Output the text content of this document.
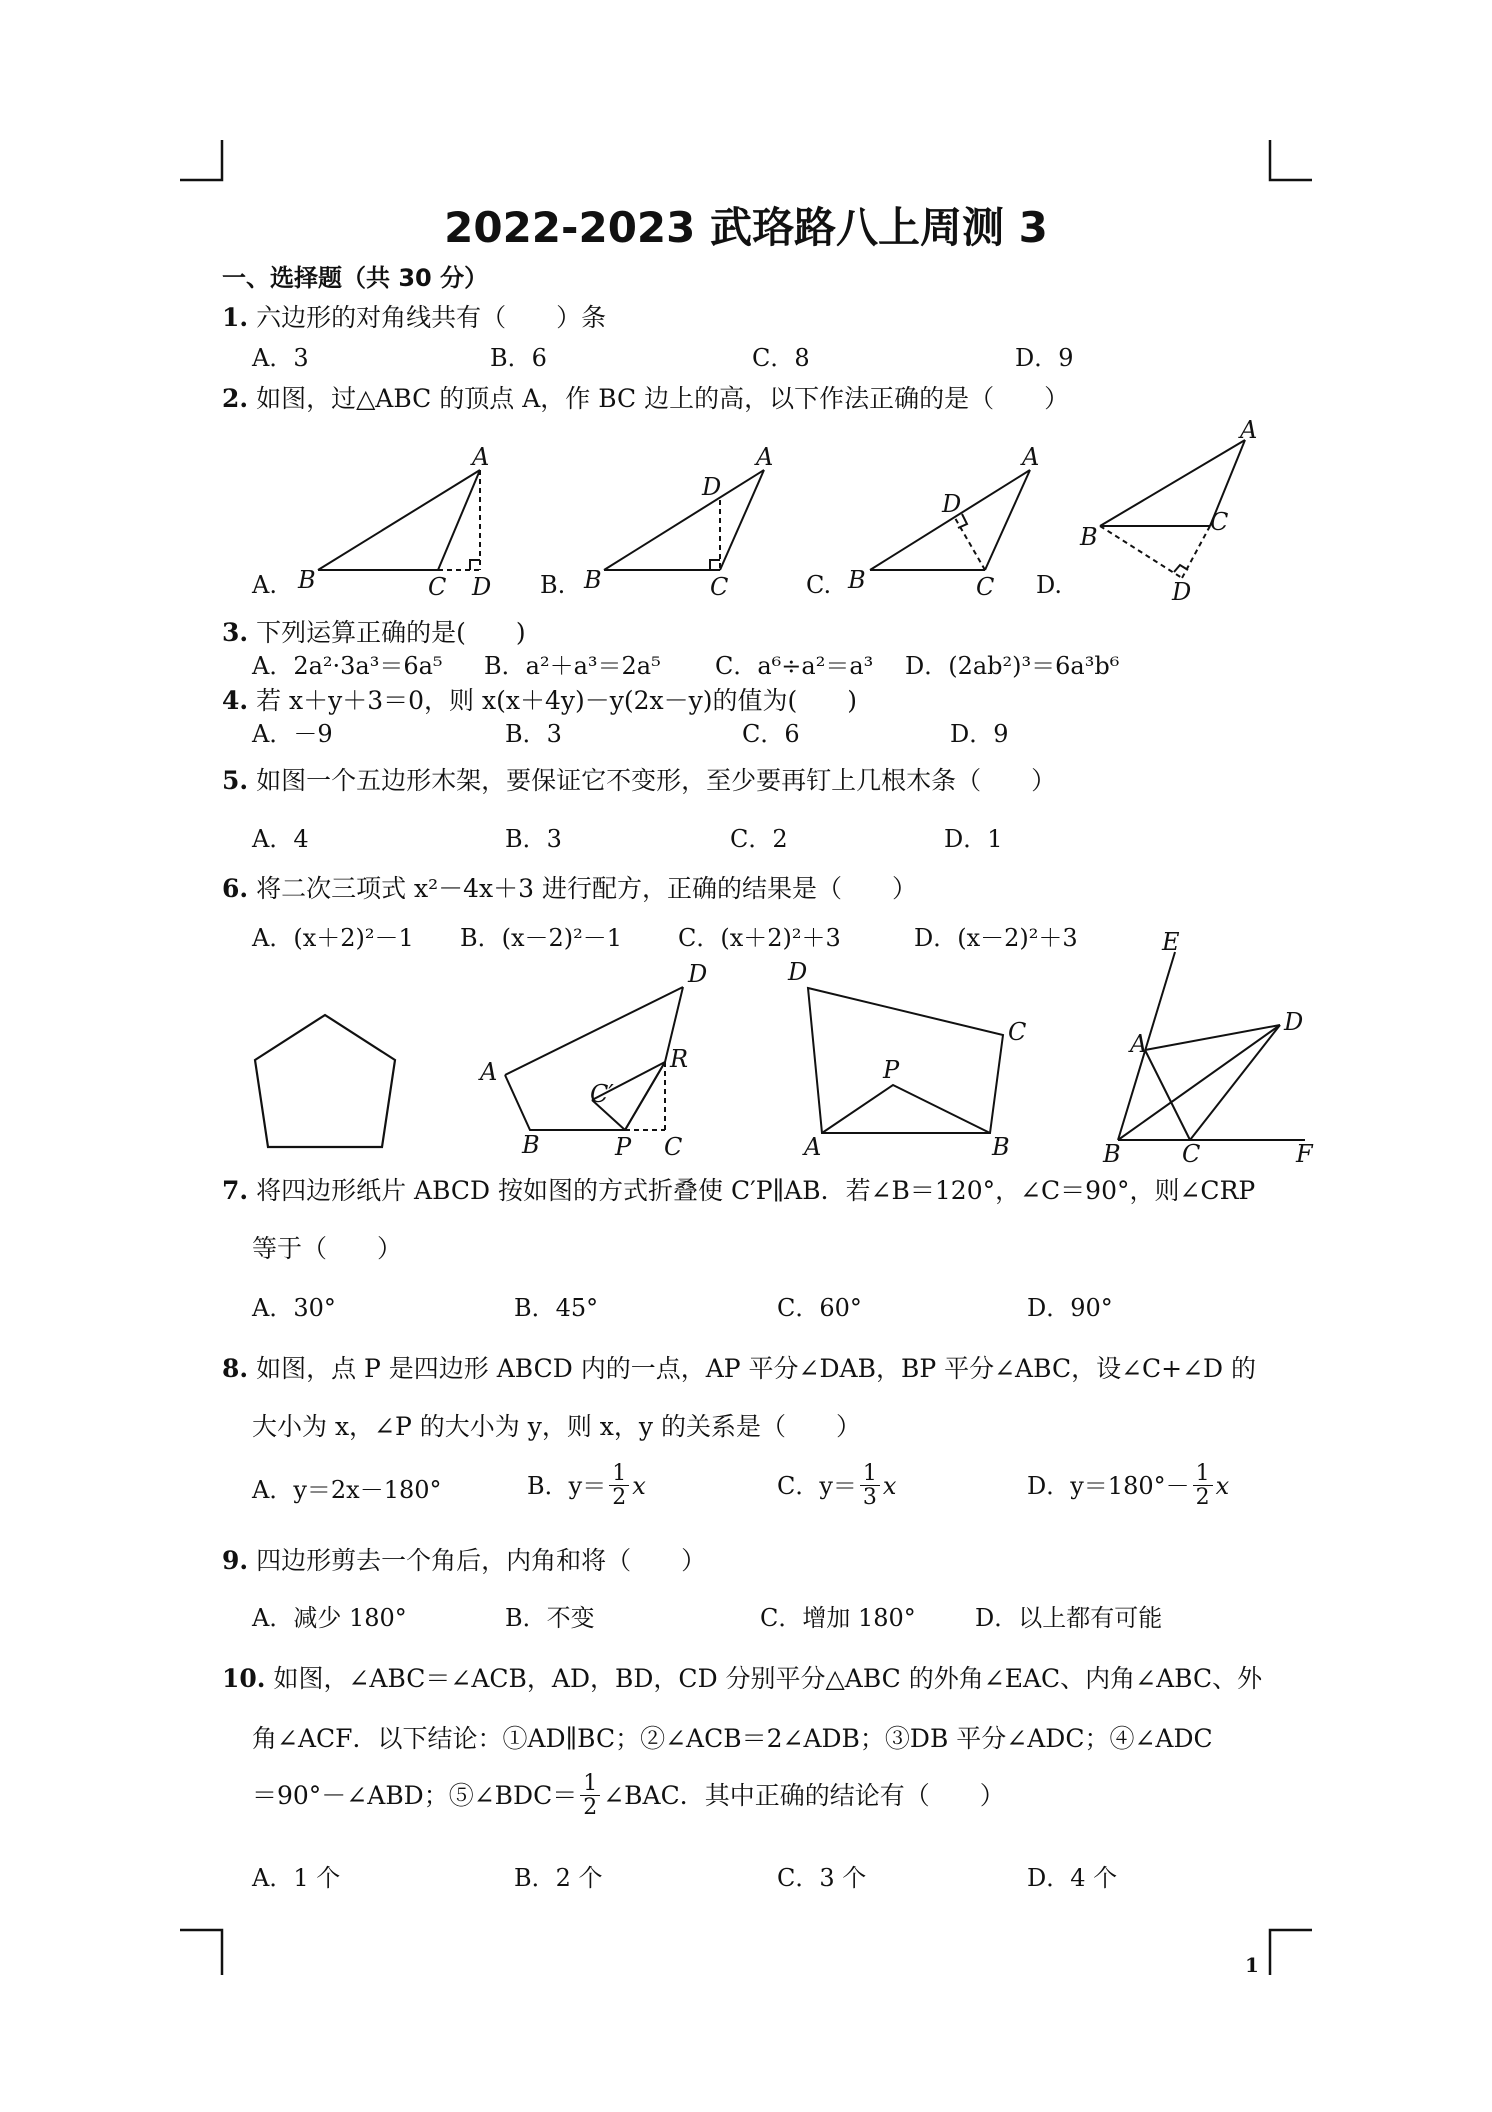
2022-2023 武珞路八上周测 3
一、选择题（共 30 分）
1. 六边形的对角线共有（　　）条
A．3	B．6	C．8	D．9
2. 如图，过△ABC 的顶点 A，作 BC 边上的高，以下作法正确的是（　　）
A.
A
B	C D B.
D
A
B	C	C.
D
A
B	C D.
A
B
C
D
3. 下列运算正确的是(　　)
A．2a²·3a³＝6a⁵ B．a²＋a³＝2a⁵ C．a⁶÷a²＝a³ D．(2ab²)³＝6a³b⁶
4. 若 x＋y＋3＝0，则 x(x＋4y)－y(2x－y)的值为(　　)
A．－9	B．3	C．6	D．9
5. 如图一个五边形木架，要保证它不变形，至少要再钉上几根木条（　　）
A．4	B．3	C．2	D．1
6. 将二次三项式 x²－4x＋3 进行配方，正确的结果是（　　）
A．(x＋2)²－1 B．(x－2)²－1 C．(x＋2)²＋3	D．(x－2)²＋3
D
A
B	P C
R
C′
D
C
P
A	B
E
A
D
B	C	F
7. 将四边形纸片 ABCD 按如图的方式折叠使 C′P∥AB．若∠B＝120°，∠C＝90°，则∠CRP
等于（　　）
A．30°	B．45°	C．60°	D．90°
8. 如图，点 P 是四边形 ABCD 内的一点，AP 平分∠DAB，BP 平分∠ABC，设∠C+∠D 的
大小为 x，∠P 的大小为 y，则 x，y 的关系是（　　）
A．y＝2x－180°	B．$y= \frac{1}{2}$ x	C．$y= \frac{1}{3}$ x	D．$y=180^\circ- \frac{1}{2}$ x
9. 四边形剪去一个角后，内角和将（　　）
A．减少 180°	B．不变	C．增加 180° D．以上都有可能
10. 如图，∠ABC＝∠ACB，AD，BD，CD 分别平分△ABC 的外角∠EAC、内角∠ABC、外
角∠ACF．以下结论：①AD∥BC；②∠ACB＝2∠ADB；③DB 平分∠ADC；④∠ADC
＝90°－∠ABD；⑤∠BDC＝ $\frac{1}{2}$ ∠BAC．其中正确的结论有（　　）
A．1 个	B．2 个	C．3 个	D．4 个
1
